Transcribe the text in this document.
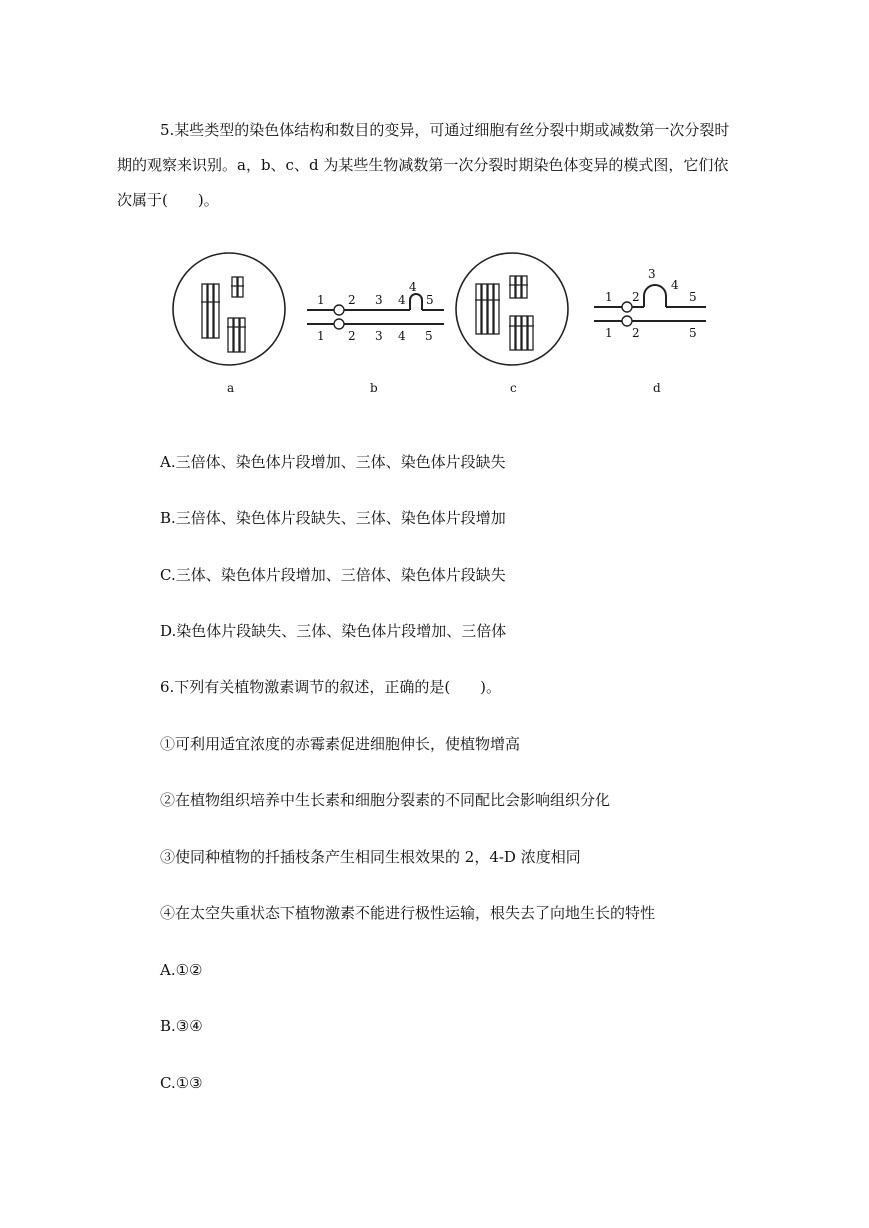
5.某些类型的染色体结构和数目的变异，可通过细胞有丝分裂中期或减数第一次分裂时
期的观察来识别。a，b、c、d 为某些生物减数第一次分裂时期染色体变异的模式图，它们依
次属于(　　)。
a
1 2 3 4
4
5
1 2 3 4 5
b	c
1 2
3
4
5
1 2	5
d
A.三倍体、染色体片段增加、三体、染色体片段缺失
B.三倍体、染色体片段缺失、三体、染色体片段增加
C.三体、染色体片段增加、三倍体、染色体片段缺失
D.染色体片段缺失、三体、染色体片段增加、三倍体
6.下列有关植物激素调节的叙述，正确的是(　　)。
①可利用适宜浓度的赤霉素促进细胞伸长，使植物增高
②在植物组织培养中生长素和细胞分裂素的不同配比会影响组织分化
③使同种植物的扦插枝条产生相同生根效果的 2，4-D 浓度相同
④在太空失重状态下植物激素不能进行极性运输，根失去了向地生长的特性
A.①②
B.③④
C.①③
